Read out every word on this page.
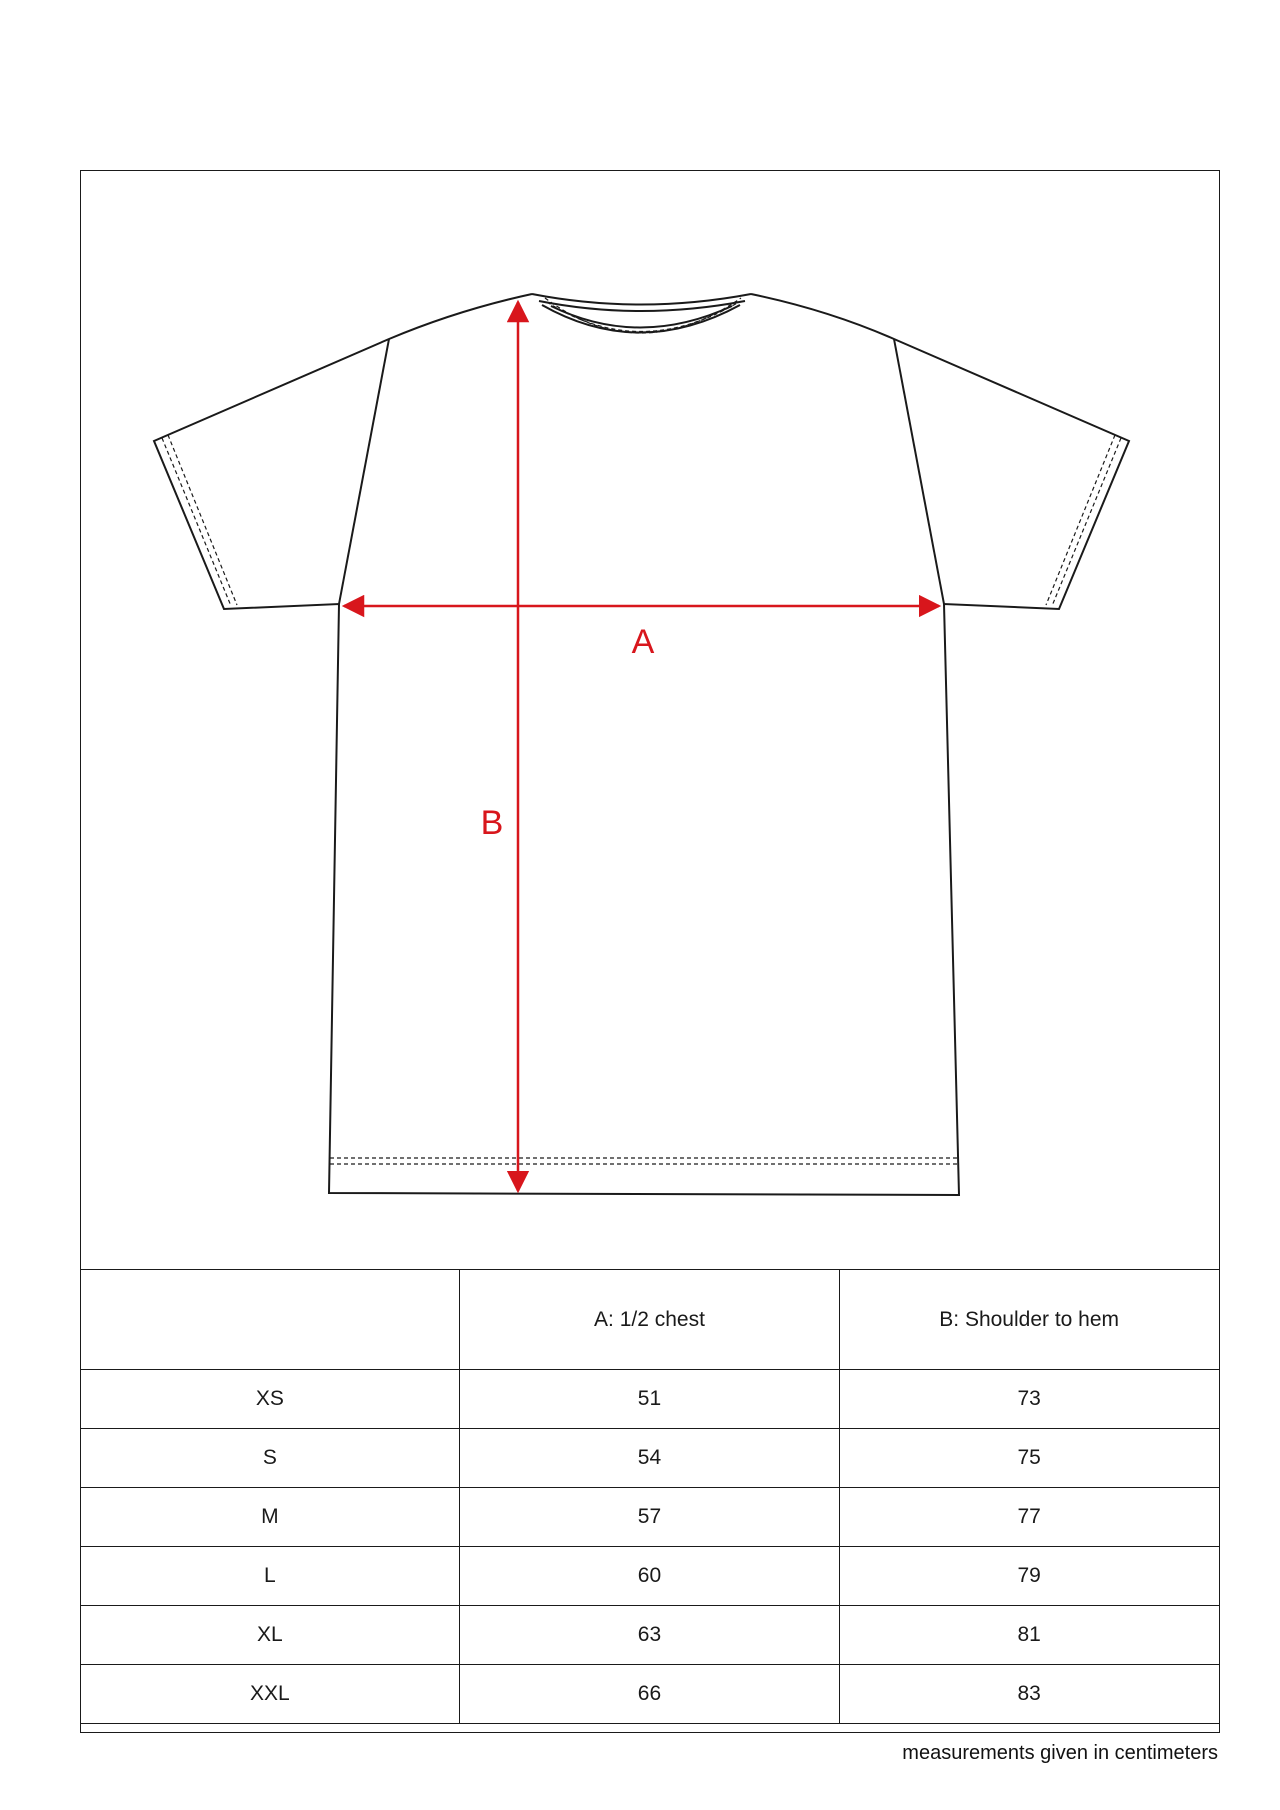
A
B
	A: 1/2 chest	B: Shoulder to hem
XS	51	73
S	54	75
M	57	77
L	60	79
XL	63	81
XXL	66	83
measurements given in centimeters
